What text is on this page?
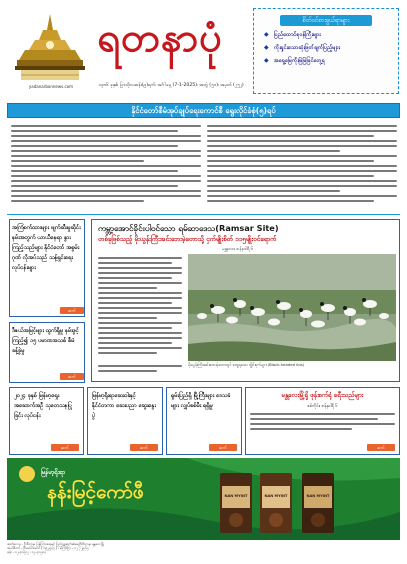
yadanarbonnews.com
ရတနာပုံ
၁၃၈၆ ခုနှစ်၊ ပြာသိုလဆန်း(၉)ရက်၊ အင်္ဂါနေ့ (7-1-2025)၊ အတွဲ (၅၁)၊ အမှတ် (၂၅၂)
စိတ်ဝင်စားဖွယ်ရာများ
◆ ပြည်ထောင်စုဝန်ကြီးများ
◆ ကိုးရှင်းသောဆုံးဖြတ်ချက်ပြည့်များ
◆ အရှေ့မြေကိုးမြဲမြဲမြင်တွေ့ရ
နိုင်ငံတော်စီမံအုပ်ချုပ်ရေးကောင်စီ ရွေးလိုင်ခံစုံ(၅)ရပ်
အကြံစက်ထားများ ဖျက်ဆီးမှုဆိုင်း နမ်းအတွက် ယာယီနေရာ နွားကြည့်သည်များ နိုင်ငံတော် အစွမ်းဂုဏ် လိုအပ်သည် သန့်ရှင်းရေး လုပ်ငန်းများ
ဆက်
ဒီဇယ်အမြင့်များ ထွက်ရှိမှု နမ်းဖွင့်ကြည့်၍ ၁၅ ပမာဏအသစ် စီမံခန့်ခွဲမှု
ဆက်
ကမ္ဘာ့အောင်ခိုင်းပါဝင်သော ရမ်ဆာဒေသ(Ramsar Site)
တစ်ခုဖြစ်သည့် မိုးယွန်းကြီးအင်းဘေးမဲ့တောသို့ ငှက်မျိုးစိတ် ၁၁၅မျိုးဝင်ရောက်
မန္တလေး၊ ဇန်နဝါရီ ၆
မိုးယွန်းကြီးအင်းဘေးမဲ့တောတွင် တွေ့ရသော ဗျိုင်းငှက်များ (Black-headed ibis)
၂၀၂၄ ခုနှစ် မြန်မာ့ရှေးအဆောက်အဦ သုတေသနပြုခြင်း လုပ်ငန်း
ဆက်
မြန်မာ့ရိုးရာဆေးဝါးနှင့် နိုင်ငံတကာ ဆေးပညာ ဆွေးနွေးပွဲ
ဆက်
ရှမ်းပြည်ရှိ မြို့ကြီးများ ဒေသခံများ လျှပ်စစ်မီး ရရှိမှု
ဆက်
မန္တလေးမြို့ရှိ ဖုန်းစက်ရုံ ခရီးသည်များ
စစ်ကိုင်း၊ ဇန်နဝါရီ ၆
ဆက်
မြန်မာ့ရိုးရာ
နန်းမြင့်ကော်ဖီ	NAN MYINT	NAN MYINT	NAN MYINT
ထုတ်ဝေသူ - ဦးစီးဌာန၊ ပြန်ကြားရေးနှင့် ပြည်သူ့ဆက်ဆံရေးဦးစီးဌာန၊ မန္တလေးမြို့
အယ်ဒီတာ - ဦးမောင်မောင် ( ၀၉၂၅၄၃ ) ၊ ကြော်ငြာ - ၀၂ ၇၂၉၁၅
ဖုန်း - ၀၂-၄၀၅၁၂ ၊ ၀၂-၄၀၅၁၃
